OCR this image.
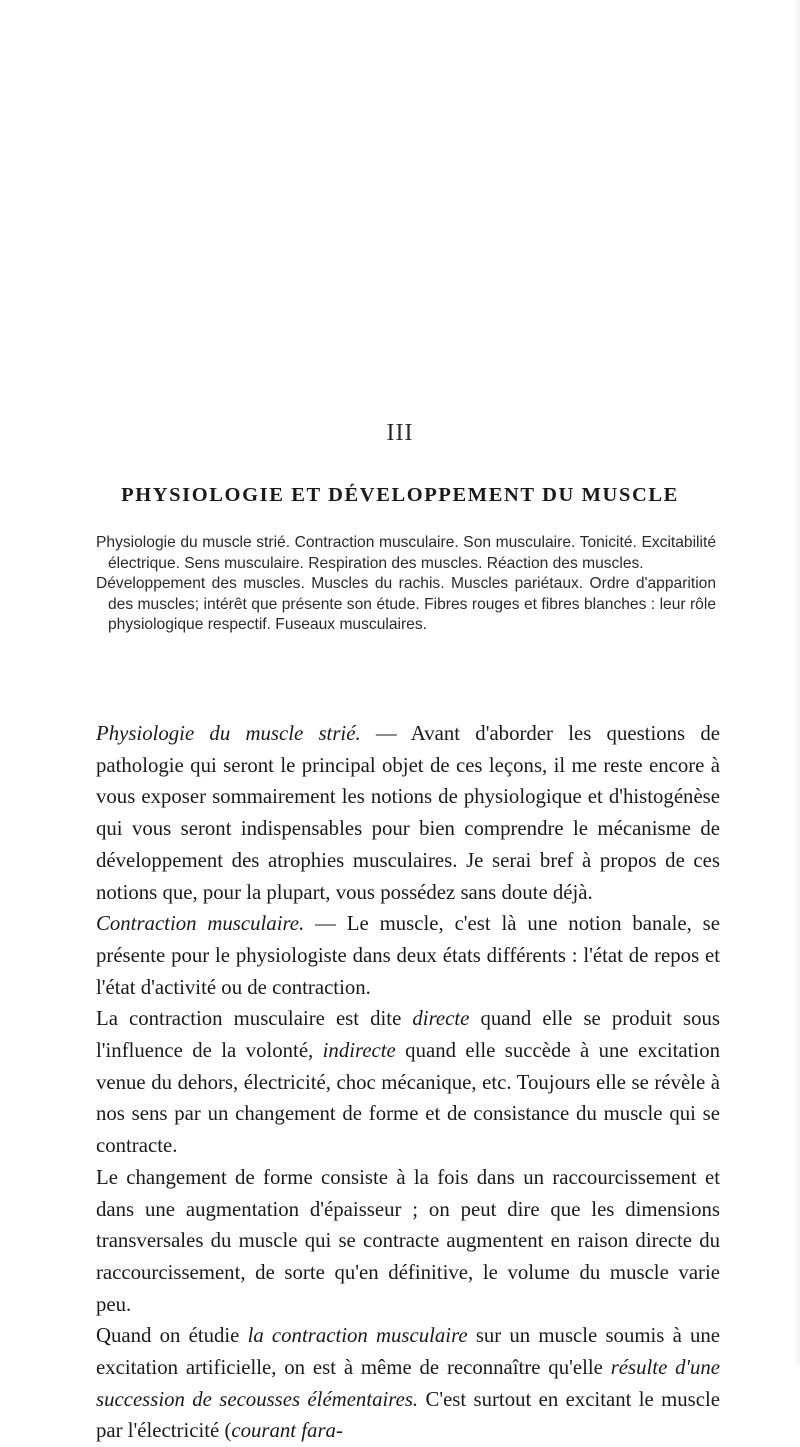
III
PHYSIOLOGIE ET DÉVELOPPEMENT DU MUSCLE

Physiologie du muscle strié. Contraction musculaire. Son musculaire. Tonicité. Excitabilité électrique. Sens musculaire. Respiration des muscles. Réaction des muscles.

Développement des muscles. Muscles du rachis. Muscles pariétaux. Ordre d'apparition des muscles; intérêt que présente son étude. Fibres rouges et fibres blanches : leur rôle physiologique respectif. Fuseaux musculaires.

Physiologie du muscle strié. — Avant d'aborder les questions de pathologie qui seront le principal objet de ces leçons, il me reste encore à vous exposer sommairement les notions de physiologique et d'histogénèse qui vous seront indispensables pour bien comprendre le mécanisme de développement des atrophies musculaires. Je serai bref à propos de ces notions que, pour la plupart, vous possédez sans doute déjà.

Contraction musculaire. — Le muscle, c'est là une notion banale, se présente pour le physiologiste dans deux états différents : l'état de repos et l'état d'activité ou de contraction.

La contraction musculaire est dite directe quand elle se produit sous l'influence de la volonté, indirecte quand elle succède à une excitation venue du dehors, électricité, choc mécanique, etc. Toujours elle se révèle à nos sens par un changement de forme et de consistance du muscle qui se contracte.

Le changement de forme consiste à la fois dans un raccourcissement et dans une augmentation d'épaisseur ; on peut dire que les dimensions transversales du muscle qui se contracte augmentent en raison directe du raccourcissement, de sorte qu'en définitive, le volume du muscle varie peu.

Quand on étudie la contraction musculaire sur un muscle soumis à une excitation artificielle, on est à même de reconnaître qu'elle résulte d'une succession de secousses élémentaires. C'est surtout en excitant le muscle par l'électricité (courant fara-
